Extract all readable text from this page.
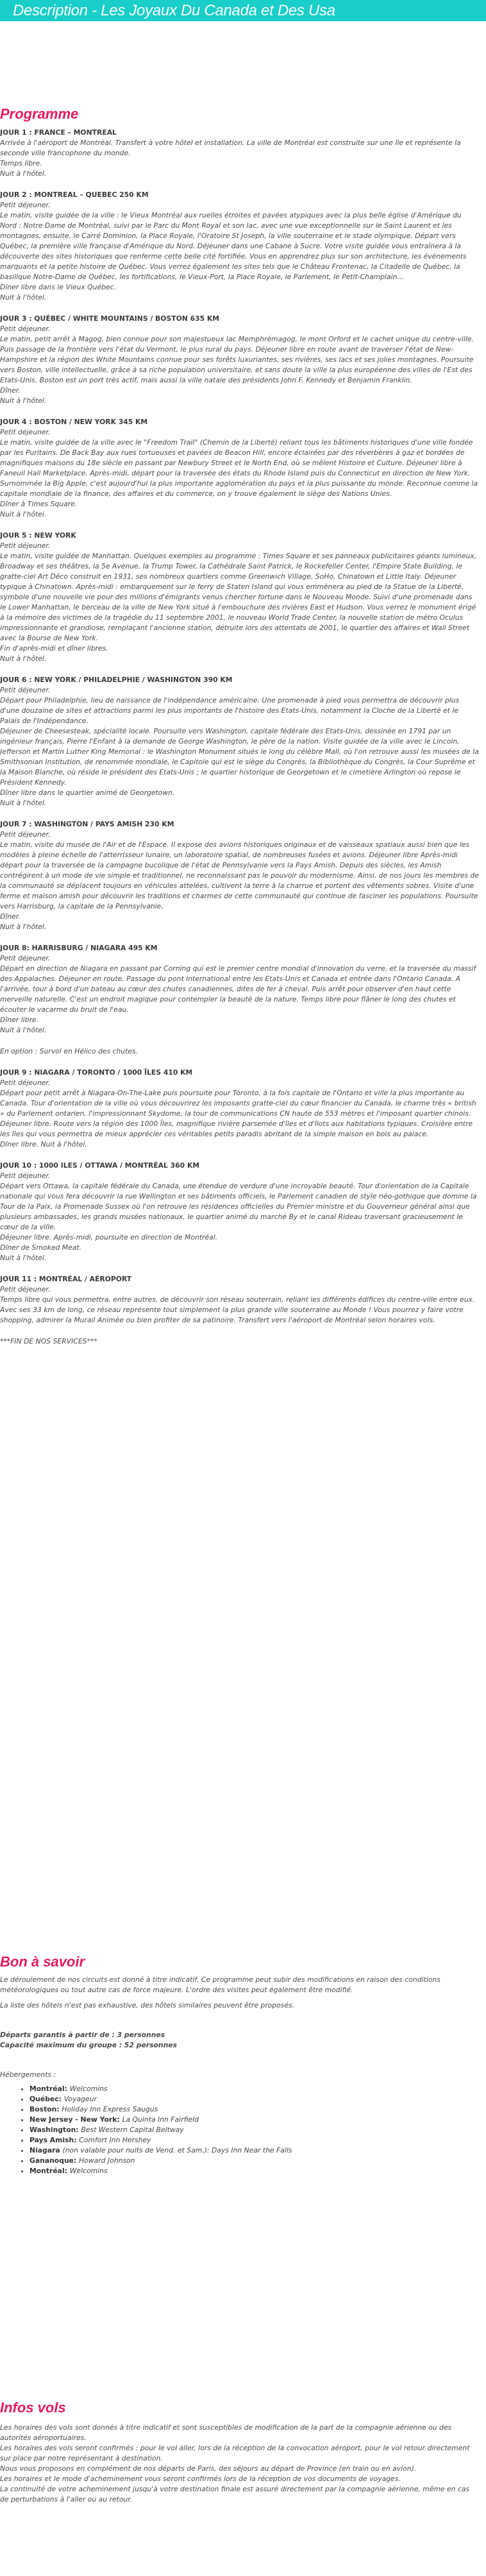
Description - Les Joyaux Du Canada et Des Usa
Programme
JOUR 1 : FRANCE – MONTREAL

Arrivée à l'aéroport de Montréal. Transfert à votre hôtel et installation. La ville de Montréal est construite sur une île et représente la seconde ville francophone du monde.

Temps libre.

Nuit à l'hôtel.

JOUR 2 : MONTREAL – QUEBEC 250 KM

Petit déjeuner.

Le matin, visite guidée de la ville : le Vieux Montréal aux ruelles étroites et pavées atypiques avec la plus belle église d'Amérique du Nord : Notre Dame de Montréal, suivi par le Parc du Mont Royal et son lac, avec une vue exceptionnelle sur le Saint Laurent et les montagnes, ensuite, le Carré Dominion, la Place Royale, l'Oratoire St Joseph, la ville souterraine et le stade olympique. Départ vers Québec, la première ville française d'Amérique du Nord. Déjeuner dans une Cabane à Sucre. Votre visite guidée vous entraînera à la découverte des sites historiques que renferme cette belle cité fortifiée. Vous en apprendrez plus sur son architecture, les événements marquants et la petite histoire de Québec. Vous verrez également les sites tels que le Château Frontenac, la Citadelle de Québec, la basilique Notre-Dame de Québec, les fortifications, le Vieux-Port, la Place Royale, le Parlement, le Petit-Champlain…

Dîner libre dans le Vieux Québec.

Nuit à l'hôtel.

JOUR 3 : QUÉBEC / WHITE MOUNTAINS / BOSTON 635 KM

Petit déjeuner.

Le matin, petit arrêt à Magog, bien connue pour son majestueux lac Memphrémagog, le mont Orford et le cachet unique du centre-ville. Puis passage de la frontière vers l'état du Vermont, le plus rural du pays. Déjeuner libre en route avant de traverser l'état de New-Hampshire et la région des White Mountains connue pour ses forêts luxuriantes, ses rivières, ses lacs et ses jolies montagnes. Poursuite vers Boston, ville intellectuelle, grâce à sa riche population universitaire, et sans doute la ville la plus européenne des villes de l'Est des Etats-Unis. Boston est un port très actif, mais aussi la ville natale des présidents John F. Kennedy et Benjamin Franklin.

Dîner.

Nuit à l'hôtel.

JOUR 4 : BOSTON / NEW YORK 345 KM

Petit déjeuner.

Le matin, visite guidée de la ville avec le "Freedom Trail" (Chemin de la Liberté) reliant tous les bâtiments historiques d'une ville fondée par les Puritains. De Back Bay aux rues tortueuses et pavées de Beacon Hill, encore éclairées par des réverbères à gaz et bordées de magnifiques maisons du 18e siècle en passant par Newbury Street et le North End, où se mêlent Histoire et Culture. Déjeuner libre à Faneuil Hall Marketplace. Après-midi, départ pour la traversée des états du Rhode Island puis du Connecticut en direction de New York. Surnommée la Big Apple, c'est aujourd'hui la plus importante agglomération du pays et la plus puissante du monde. Reconnue comme la capitale mondiale de la finance, des affaires et du commerce, on y trouve également le siège des Nations Unies.

Dîner à Times Square.

Nuit à l'hôtel.

JOUR 5 : NEW YORK

Petit déjeuner.

Le matin, visite guidée de Manhattan. Quelques exemples au programme : Times Square et ses panneaux publicitaires géants lumineux, Broadway et ses théâtres, la 5e Avenue, la Trump Tower, la Cathédrale Saint Patrick, le Rockefeller Center, l'Empire State Building, le gratte-ciel Art Déco construit en 1931, ses nombreux quartiers comme Greenwich Village, SoHo, Chinatown et Little Italy. Déjeuner typique à Chinatown. Après-midi : embarquement sur le ferry de Staten Island qui vous emmènera au pied de la Statue de la Liberté, symbole d'une nouvelle vie pour des millions d'émigrants venus chercher fortune dans le Nouveau Monde. Suivi d'une promenade dans le Lower Manhattan, le berceau de la ville de New York situé à l'embouchure des rivières East et Hudson. Vous verrez le monument érigé à la mémoire des victimes de la tragédie du 11 septembre 2001, le nouveau World Trade Center, la nouvelle station de métro Oculus impressionnante et grandiose, remplaçant l'ancienne station, détruite lors des attentats de 2001, le quartier des affaires et Wall Street avec la Bourse de New York.

Fin d'après-midi et dîner libres.

Nuit à l'hôtel.

JOUR 6 : NEW YORK / PHILADELPHIE / WASHINGTON 390 KM

Petit déjeuner.

Départ pour Philadelphie, lieu de naissance de l'indépendance américaine. Une promenade à pied vous permettra de découvrir plus d'une douzaine de sites et attractions parmi les plus importants de l'histoire des Etats-Unis, notamment la Cloche de la Liberté et le Palais de l'Indépendance.

Déjeuner de Cheesesteak, spécialité locale. Poursuite vers Washington, capitale fédérale des Etats-Unis, dessinée en 1791 par un ingénieur français, Pierre l'Enfant à la demande de George Washington, le père de la nation. Visite guidée de la ville avec le Lincoln, Jefferson et Martin Luther King Memorial : le Washington Monument situés le long du célèbre Mall, où l'on retrouve aussi les musées de la Smithsonian Institution, de renommée mondiale, le Capitole qui est le siège du Congrès, la Bibliothèque du Congrès, la Cour Suprême et la Maison Blanche, où réside le président des Etats-Unis ; le quartier historique de Georgetown et le cimetière Arlington où repose le Président Kennedy.

Dîner libre dans le quartier animé de Georgetown.

Nuit à l'hôtel.

JOUR 7 : WASHINGTON / PAYS AMISH 230 KM

Petit déjeuner.

Le matin, visite du musée de l'Air et de l'Espace. Il expose des avions historiques originaux et de vaisseaux spatiaux aussi bien que les modèles à pleine échelle de l'atterrisseur lunaire, un laboratoire spatial, de nombreuses fusées et avions. Déjeuner libre Après-midi départ pour la traversée de la campagne bucolique de l'état de Pennsylvanie vers la Pays Amish. Depuis des siècles, les Amish contrégirent à un mode de vie simple et traditionnel, ne reconnaissant pas le pouvoir du modernisme. Ainsi, de nos jours les membres de la communauté se déplacent toujours en véhicules attelées, cultivent la terre à la charrue et portent des vêtements sobres. Visite d'une ferme et maison amish pour découvrir les traditions et charmes de cette communauté qui continue de fasciner les populations. Poursuite vers Harrisburg, la capitale de la Pennsylvanie.

Dîner.

Nuit à l'hôtel.

JOUR 8: HARRISBURG / NIAGARA 495 KM

Petit déjeuner.

Départ en direction de Niagara en passant par Corning qui est le premier centre mondial d'innovation du verre, et la traversée du massif des Appalaches. Déjeuner en route. Passage du pont international entre les Etats-Unis et Canada et entrée dans l'Ontario Canada. A l'arrivée, tour à bord d'un bateau au cœur des chutes canadiennes, dites de fer à cheval. Puis arrêt pour observer d'en haut cette merveille naturelle. C'est un endroit magique pour contempler la beauté de la nature. Temps libre pour flâner le long des chutes et écouter le vacarme du bruit de l'eau.

Dîner libre.

Nuit à l'hôtel.

En option : Survol en Hélico des chutes.

JOUR 9 : NIAGARA / TORONTO / 1000 ÎLES 410 KM

Petit déjeuner.

Départ pour petit arrêt à Niagara-On-The-Lake puis poursuite pour Toronto, à la fois capitale de l'Ontario et ville la plus importante au Canada. Tour d'orientation de la ville où vous découvrirez les imposants gratte-ciel du cœur financier du Canada, le charme très « british » du Parlement ontarien, l'impressionnant Skydome, la tour de communications CN haute de 553 mètres et l'imposant quartier chinois. Déjeuner libre. Route vers la région des 1000 Îles, magnifique rivière parsemée d'îles et d'îlots aux habitations typiques. Croisière entre les îles qui vous permettra de mieux apprécier ces véritables petits paradis abritant de la simple maison en bois au palace.

Dîner libre. Nuit à l'hôtel.

JOUR 10 : 1000 ILES / OTTAWA / MONTRÉAL 360 KM

Petit déjeuner.

Départ vers Ottawa, la capitale fédérale du Canada, une étendue de verdure d'une incroyable beauté. Tour d'orientation de la Capitale nationale qui vous fera découvrir la rue Wellington et ses bâtiments officiels, le Parlement canadien de style néo-gothique que domine la Tour de la Paix, la Promenade Sussex où l'on retrouve les résidences officielles du Premier ministre et du Gouverneur général ainsi que plusieurs ambassades, les grands musées nationaux, le quartier animé du marché By et le canal Rideau traversant gracieusement le cœur de la ville.

Déjeuner libre. Après-midi, poursuite en direction de Montréal.

Dîner de Smoked Meat.

Nuit à l'hôtel.

JOUR 11 : MONTRÉAL / AÉROPORT

Petit déjeuner.

Temps libre qui vous permettra, entre autres, de découvrir son réseau souterrain, reliant les différents édifices du centre-ville entre eux. Avec ses 33 km de long, ce réseau représente tout simplement la plus grande ville souterraine au Monde ! Vous pourrez y faire votre shopping, admirer la Murail Animée ou bien profiter de sa patinoire. Transfert vers l'aéroport de Montréal selon horaires vols.

***FIN DE NOS SERVICES***

Bon à savoir

Le déroulement de nos circuits est donné à titre indicatif. Ce programme peut subir des modifications en raison des conditions météorologiques ou tout autre cas de force majeure. L'ordre des visites peut également être modifié.

La liste des hôtels n'est pas exhaustive, des hôtels similaires peuvent être proposés.

Départs garantis à partir de : 3 personnes

Capacité maximum du groupe : 52 personnes

Hébergements :

• Montréal: Welcomins
• Québec: Voyageur
• Boston: Holiday Inn Express Saugus
• New Jersey - New York: La Quinta Inn Fairfield
• Washington: Best Western Capital Beltway
• Pays Amish: Comfort Inn Hershey
• Niagara (non valable pour nuits de Vend. et Sam.): Days Inn Near the Falls
• Gananoque: Howard Johnson
• Montréal: Welcomins
Infos vols

Les horaires des vols sont donnés à titre indicatif et sont susceptibles de modification de la part de la compagnie aérienne ou des autorités aéroportuaires.

Les horaires des vols seront confirmés : pour le vol aller, lors de la réception de la convocation aéroport, pour le vol retour directement sur place par notre représentant à destination.

Nous vous proposons en complément de nos départs de Paris, des séjours au départ de Province (en train ou en avion).

Les horaires et le mode d'acheminement vous seront confirmés lors de la réception de vos documents de voyages.

La continuité de votre acheminement jusqu'à votre destination finale est assuré directement par la compagnie aérienne, même en cas de perturbations à l'aller ou au retour.
